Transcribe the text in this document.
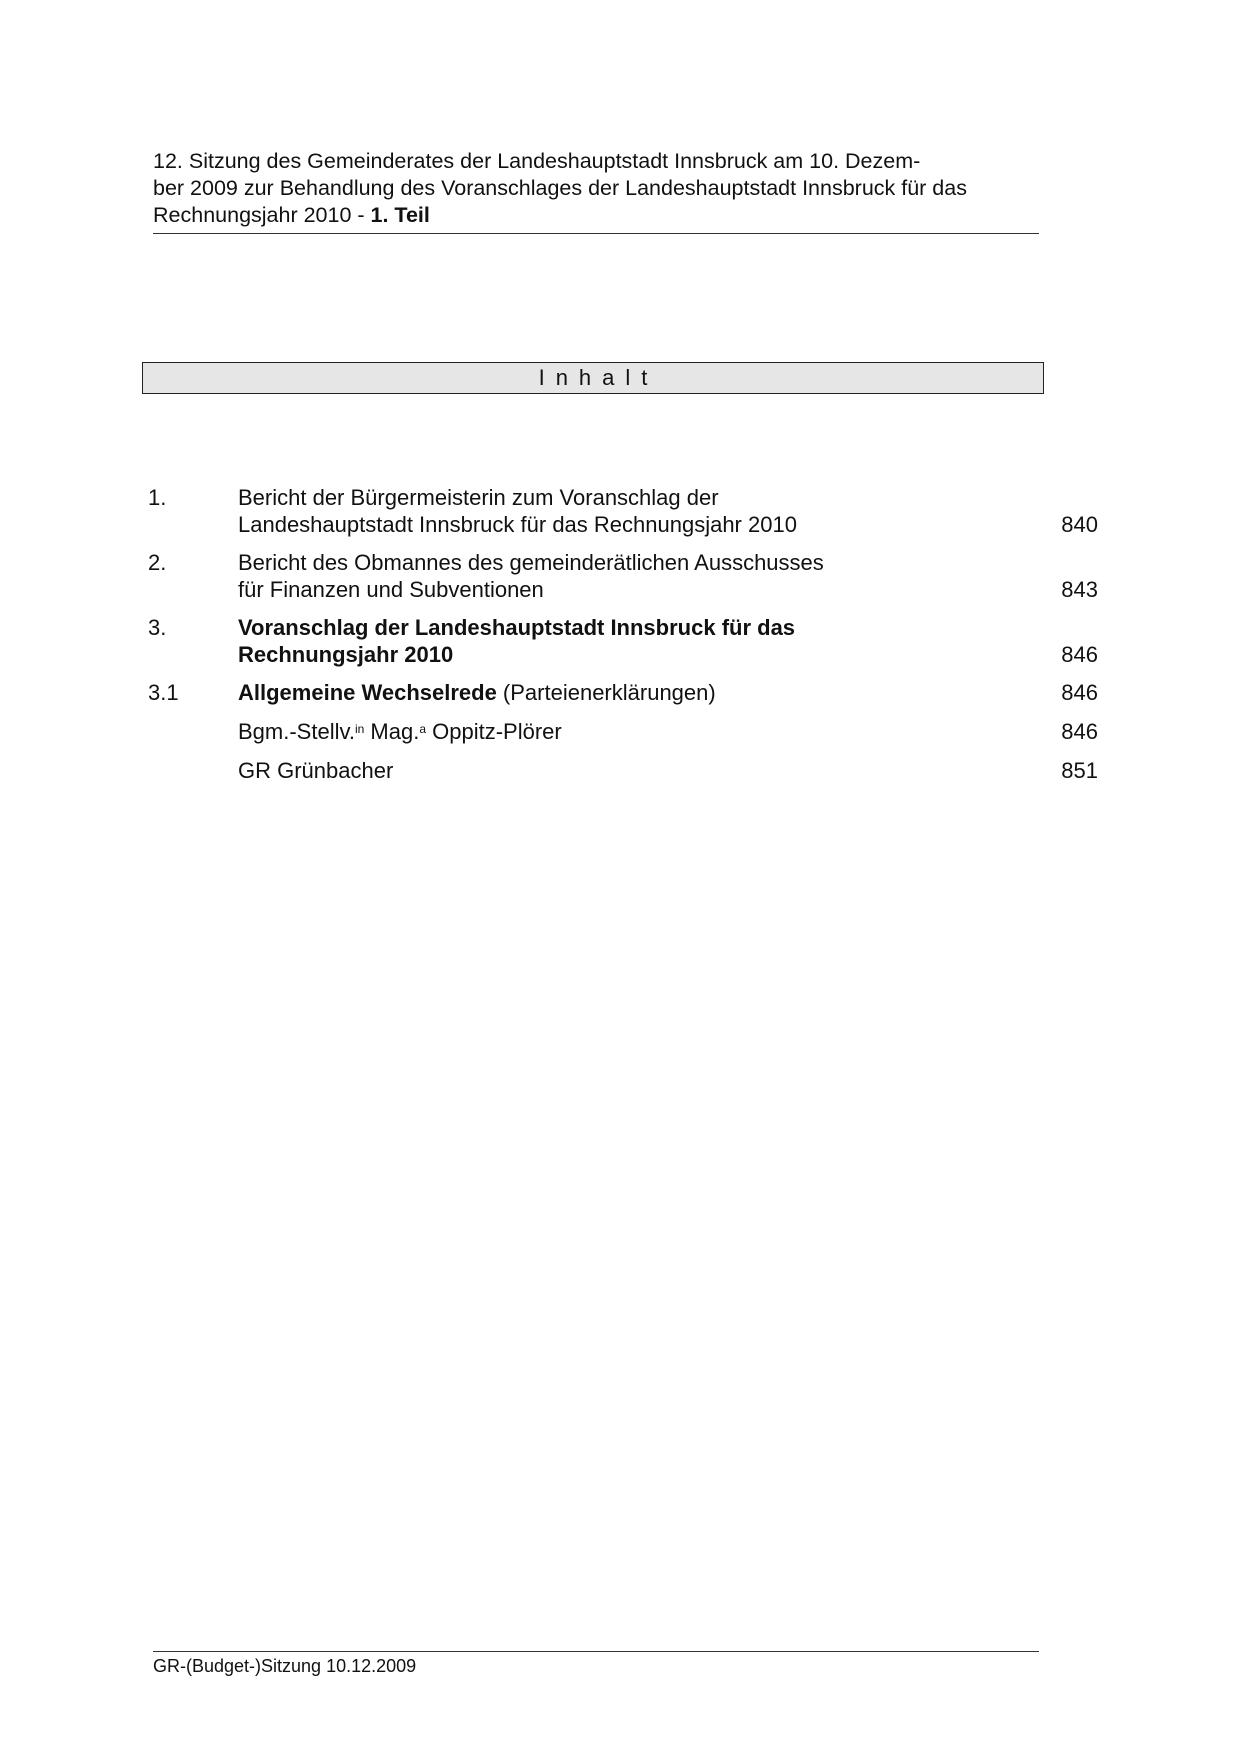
12. Sitzung des Gemeinderates der Landeshauptstadt Innsbruck am 10. Dezem-
ber 2009 zur Behandlung des Voranschlages der Landeshauptstadt Innsbruck für das
Rechnungsjahr 2010 - 1. Teil
Inhalt
1.	Bericht der Bürgermeisterin zum Voranschlag der
Landeshauptstadt Innsbruck für das Rechnungsjahr 2010	840
2.	Bericht des Obmannes des gemeinderätlichen Ausschusses
für Finanzen und Subventionen	843
3.	Voranschlag der Landeshauptstadt Innsbruck für das
Rechnungsjahr 2010	846
3.1	Allgemeine Wechselrede (Parteienerklärungen)	846
Bgm.-Stellv.$^{in}$ Mag.$^a$ Oppitz-Plörer	846
GR Grünbacher	851
GR-(Budget-)Sitzung 10.12.2009
